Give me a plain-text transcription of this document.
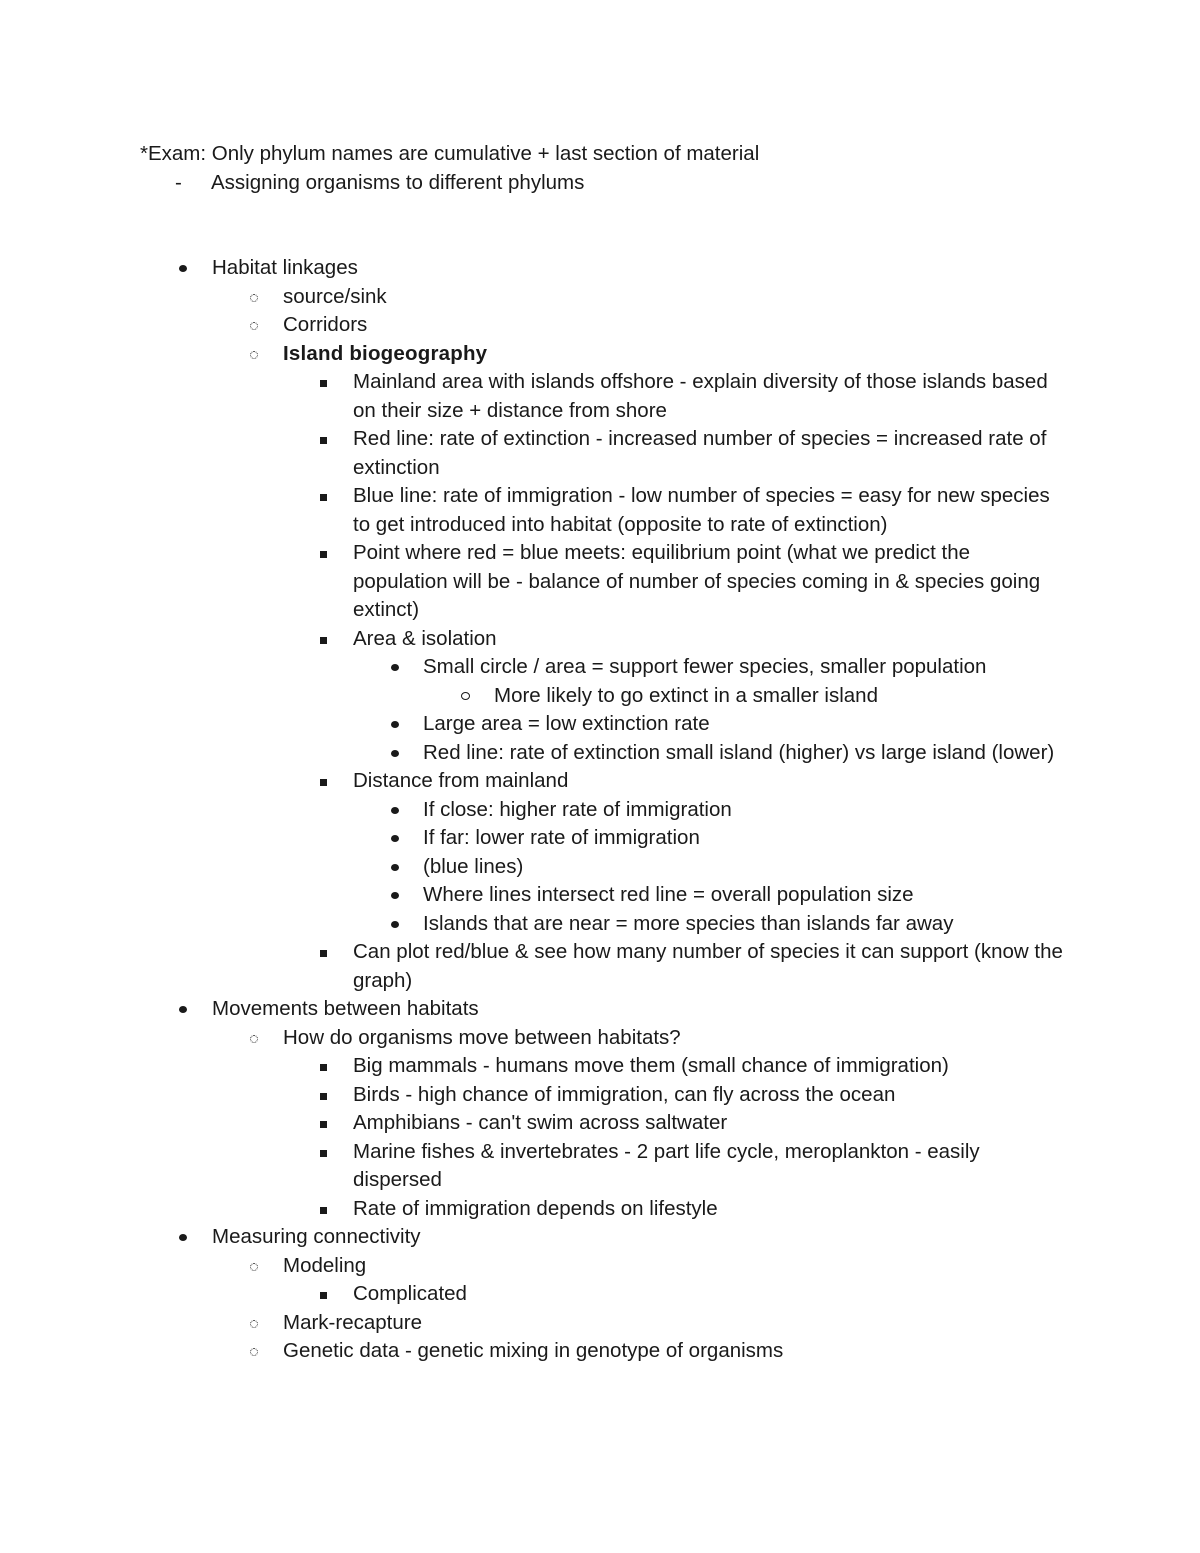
*Exam: Only phylum names are cumulative + last section of material
-	Assigning organisms to different phylums
Habitat linkages
source/sink
Corridors
Island biogeography
Mainland area with islands offshore - explain diversity of those islands based on their size + distance from shore
Red line: rate of extinction - increased number of species = increased rate of extinction
Blue line: rate of immigration - low number of species = easy for new species to get introduced into habitat (opposite to rate of extinction)
Point where red = blue meets: equilibrium point (what we predict the population will be - balance of number of species coming in & species going extinct)
Area & isolation
Small circle / area = support fewer species, smaller population
More likely to go extinct in a smaller island
Large area = low extinction rate
Red line: rate of extinction small island (higher) vs large island (lower)
Distance from mainland
If close: higher rate of immigration
If far: lower rate of immigration
(blue lines)
Where lines intersect red line = overall population size
Islands that are near = more species than islands far away
Can plot red/blue & see how many number of species it can support (know the graph)
Movements between habitats
How do organisms move between habitats?
Big mammals - humans move them (small chance of immigration)
Birds - high chance of immigration, can fly across the ocean
Amphibians - can't swim across saltwater
Marine fishes & invertebrates - 2 part life cycle, meroplankton - easily dispersed
Rate of immigration depends on lifestyle
Measuring connectivity
Modeling
Complicated
Mark-recapture
Genetic data - genetic mixing in genotype of organisms
